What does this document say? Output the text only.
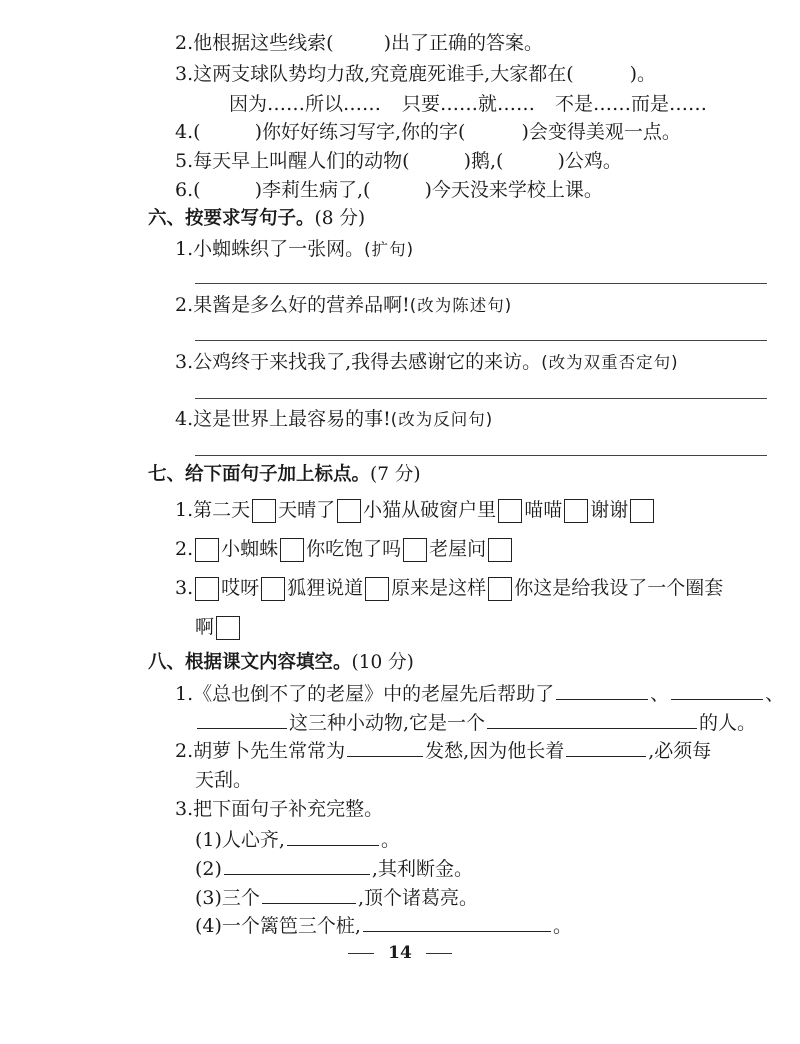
2.他根据这些线索(	)出了正确的答案。
3.这两支球队势均力敌,究竟鹿死谁手,大家都在(	)。
因为……所以…… 只要……就…… 不是……而是……
4.(	)你好好练习写字,你的字(	)会变得美观一点。
5.每天早上叫醒人们的动物(	)鹅,(	)公鸡。
6.(	)李莉生病了,(	)今天没来学校上课。
六、按要求写句子。(8 分)
1.小蜘蛛织了一张网。(扩句)
2.果酱是多么好的营养品啊!(改为陈述句)
3.公鸡终于来找我了,我得去感谢它的来访。(改为双重否定句)
4.这是世界上最容易的事!(改为反问句)
七、给下面句子加上标点。(7 分)
1.第二天 天晴了 小猫从破窗户里 喵喵 谢谢
2. 小蜘蛛 你吃饱了吗 老屋问
3. 哎呀 狐狸说道 原来是这样 你这是给我设了一个圈套
啊
八、根据课文内容填空。(10 分)
1.《总也倒不了的老屋》中的老屋先后帮助了	、	、
这三种小动物,它是一个	的人。
2.胡萝卜先生常常为	发愁,因为他长着	,必须每
天刮。
3.把下面句子补充完整。
(1)人心齐,	。
(2)	,其利断金。
(3)三个	,顶个诸葛亮。
(4)一个篱笆三个桩,	。
14
